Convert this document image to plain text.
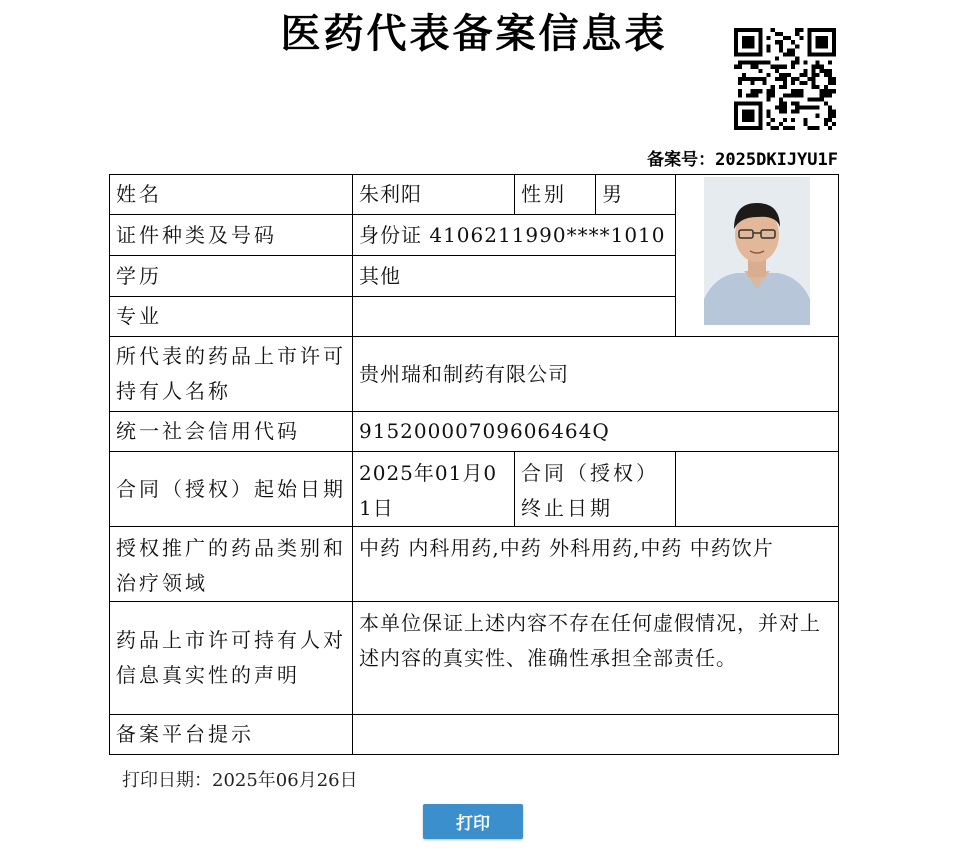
医药代表备案信息表
备案号：2025DKIJYU1F
姓名	朱利阳	性别	男	

证件种类及号码	身份证 4106211990****1010			
学历	其他			
专业				
所代表的药品上市许可持有人名称	贵州瑞和制药有限公司			
统一社会信用代码	91520000709606464Q			
合同（授权）起始日期	2025年01月01日	合同（授权）终止日期		
授权推广的药品类别和治疗领域	中药 内科用药,中药 外科用药,中药 中药饮片			
药品上市许可持有人对信息真实性的声明	本单位保证上述内容不存在任何虚假情况，并对上述内容的真实性、准确性承担全部责任。			
备案平台提示				
打印日期：2025年06月26日
打印
